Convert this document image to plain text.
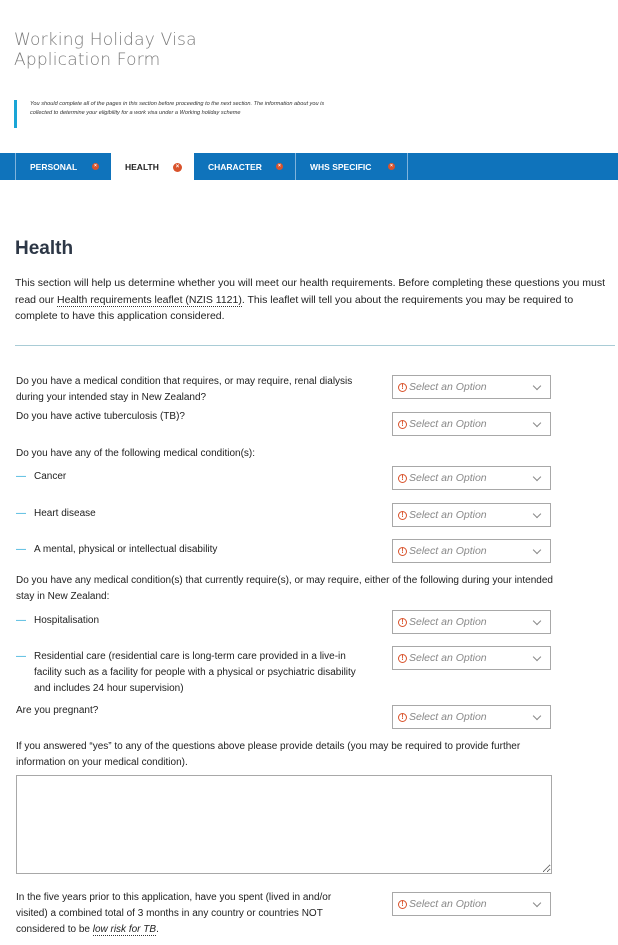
Working Holiday Visa Application Form
You should complete all of the pages in this section before proceeding to the next section. The information about you is collected to determine your eligibility for a work visa under a Working holiday scheme
PERSONAL	×	HEALTH	×	CHARACTER	×	WHS SPECIFIC	×
Health
This section will help us determine whether you will meet our health requirements. Before completing these questions you must read our Health requirements leaflet (NZIS 1121). This leaflet will tell you about the requirements you may be required to complete to have this application considered.
Do you have a medical condition that requires, or may require, renal dialysis during your intended stay in New Zealand?
! Select an Option
Do you have active tuberculosis (TB)?
! Select an Option
Do you have any of the following medical condition(s):
— Cancer	! Select an Option
— Heart disease	! Select an Option
— A mental, physical or intellectual disability	! Select an Option
Do you have any medical condition(s) that currently require(s), or may require, either of the following during your intended stay in New Zealand:
— Hospitalisation	! Select an Option
— Residential care (residential care is long-term care provided in a live-in facility such as a facility for people with a physical or psychiatric disability and includes 24 hour supervision)
! Select an Option
Are you pregnant?
! Select an Option
If you answered “yes” to any of the questions above please provide details (you may be required to provide further information on your medical condition).
In the five years prior to this application, have you spent (lived in and/or visited) a combined total of 3 months in any country or countries NOT considered to be low risk for TB.
! Select an Option
